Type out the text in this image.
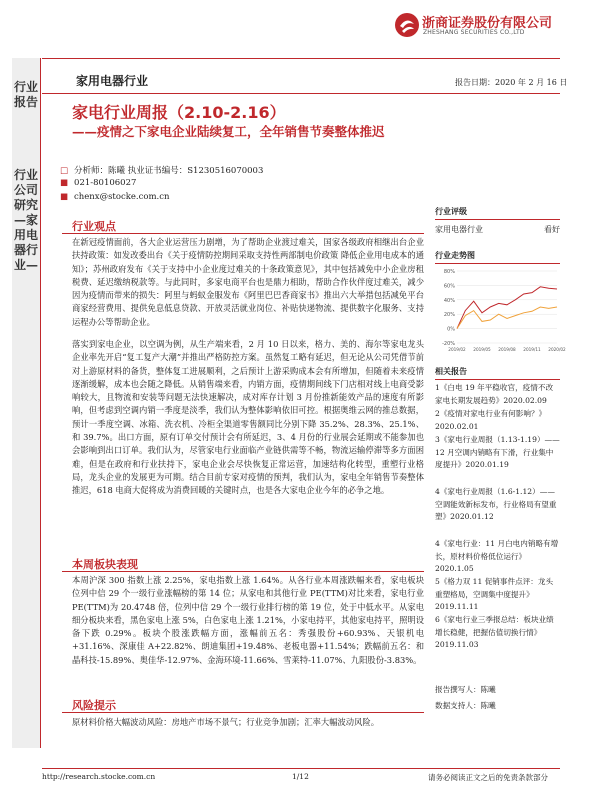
浙商证券股份有限公司
ZHESHANG SECURITIES CO.,LTD
行业报告
行业公司研究—家用电器行业—
家用电器行业	报告日期：2020 年 2 月 16 日
家电行业周报（2.10-2.16）
——疫情之下家电企业陆续复工，全年销售节奏整体推迟
□ 分析师：陈曦 执业证书编号：S1230516070003
■ 021-80106027
■ chenx@stocke.com.cn
行业观点
在新冠疫情面前，各大企业运营压力剧增，为了帮助企业渡过难关，国家各级政府相继出台企业扶持政策：如发改委出台《关于疫情防控期间采取支持性两部制电价政策 降低企业用电成本的通知》；苏州政府发布《关于支持中小企业度过难关的十条政策意见》，其中包括减免中小企业房租税费、延迟缴纳税款等。与此同时，多家电商平台也是鼎力相助，帮助合作伙伴度过难关，减少因为疫情而带来的损失：阿里与蚂蚁金服发布《阿里巴巴香商家书》推出六大举措包括减免平台商家经营费用、提供免息低息贷款、开放灵活就业岗位、补贴快递物流、提供数字化服务、支持运程办公等帮助企业。
落实到家电企业，以空调为例，从生产端来看，2 月 10 日以来，格力、美的、海尔等家电龙头企业率先开启“复工复产大潮”并推出严格防控方案。虽然复工略有延迟，但无论从公司凭借节前对上游原材料的备货，整体复工进展顺利，之后预计上游采购成本会有所增加，但随着未来疫情逐渐缓解，成本也会随之降低。从销售端来看，内销方面，疫情期间线下门店相对线上电商受影响较大，且物流和安装等问题无法快速解决，成对库存计划 3 月份推新能效产品的速度有所影响，但考虑到空调内销一季度是淡季，我们认为整体影响依旧可控。根据奥维云网的推总数据，预计一季度空调、冰箱、洗衣机、冷柜全渠道零售额同比分别下降 35.2%、28.3%、25.1%、和 39.7%。出口方面，原有订单交付预计会有所延迟，3、4 月份的行业展会延期或不能参加也会影响到出口订单。我们认为，尽管家电行业面临产业链供需等不畅，物流运输停滞等多方面困难，但是在政府和行业扶持下，家电企业会尽快恢复正常运营，加速结构化转型，重塑行业格局，龙头企业的发展更为可期。结合目前专家对疫情的预判，我们认为，家电全年销售节奏整体推迟，618 电商大促将成为消费回暖的关键时点，也是各大家电企业今年的必争之地。
本周板块表现
本周沪深 300 指数上涨 2.25%，家电指数上涨 1.64%。从各行业本周涨跌幅来看，家电板块位列中信 29 个一级行业涨幅榜的第 14 位；从家电和其他行业 PE(TTM)对比来看，家电行业 PE(TTM)为 20.4748 倍，位列中信 29 个一级行业排行榜的第 19 位，处于中低水平。从家电细分板块来看，黑色家电上涨 5%，白色家电上涨 1.21%，小家电持平，其他家电持平，照明设备下跌 0.29%。板块个股涨跌幅方面，涨幅前五名：秀强股份+60.93%、天银机电+31.16%、深康佳 A+22.82%、朗迪集团+19.48%、老板电器+11.54%；跌幅前五名：和晶科技-15.89%、奥佳华-12.97%、金海环境-11.66%、雪莱特-11.07%、九阳股份-3.83%。
风险提示
原材料价格大幅波动风险：房地产市场不景气；行业竞争加剧；汇率大幅波动风险。
行业评级
家用电器行业	看好
行业走势图
80%
60%
40%
20%
0%
-20%
2019/02 2019/05 2019/08 2019/11 2020/02
相关报告
1《白电 19 年平稳收官，疫情不改家电长期发展趋势》2020.02.09
2《疫情对家电行业有何影响？》2020.02.01
3《家电行业周报（1.13-1.19）——12 月空调内销略有下滑，行业集中度提升》2020.01.19
4《家电行业周报（1.6-1.12）——空调能效新标发布，行业格局有望重塑》2020.01.12
4《家电行业：11 月白电内销略有增长，原材料价格低位运行》2020.1.05
5《格力双 11 促销事件点评：龙头重塑格局，空调集中度提升》2019.11.11
6《家电行业三季报总结：板块业绩增长稳健，把握估值切换行情》2019.11.03
报告撰写人：陈曦
数据支持人：陈曦
http://research.stocke.com.cn	1/12	请务必阅读正文之后的免责条款部分
